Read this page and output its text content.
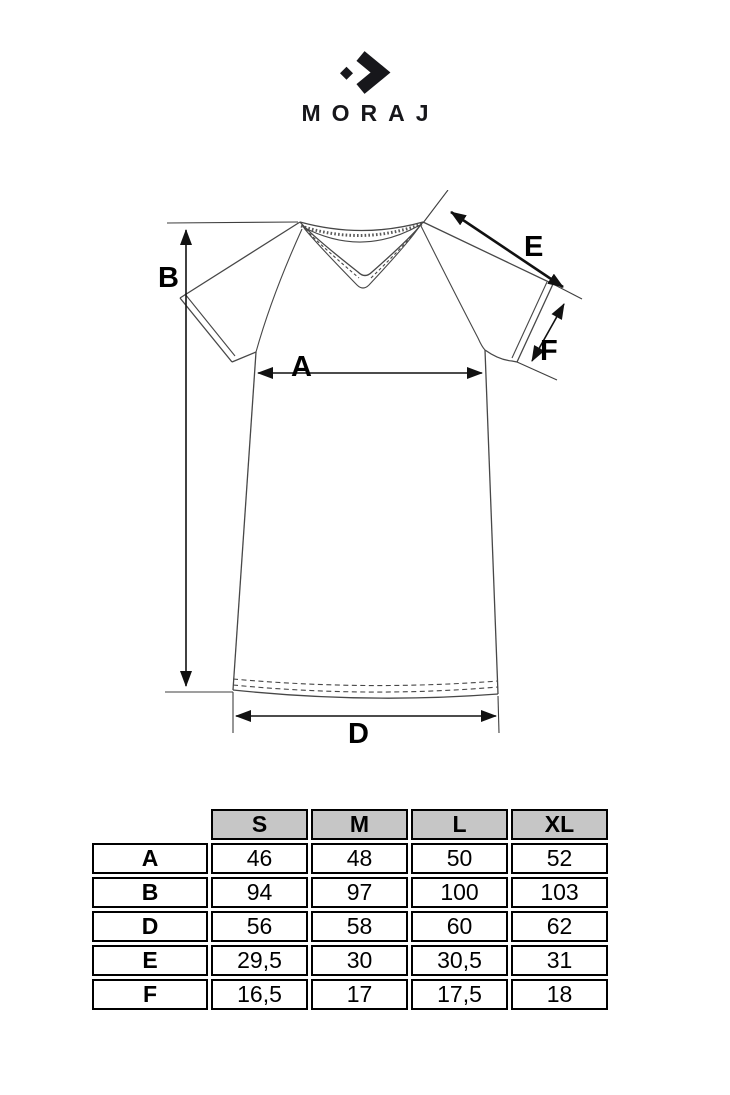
MORAJ
B
A
E
F
D
	S	M	L	XL
A	46	48	50	52
B	94	97	100	103
D	56	58	60	62
E	29,5	30	30,5	31
F	16,5	17	17,5	18
